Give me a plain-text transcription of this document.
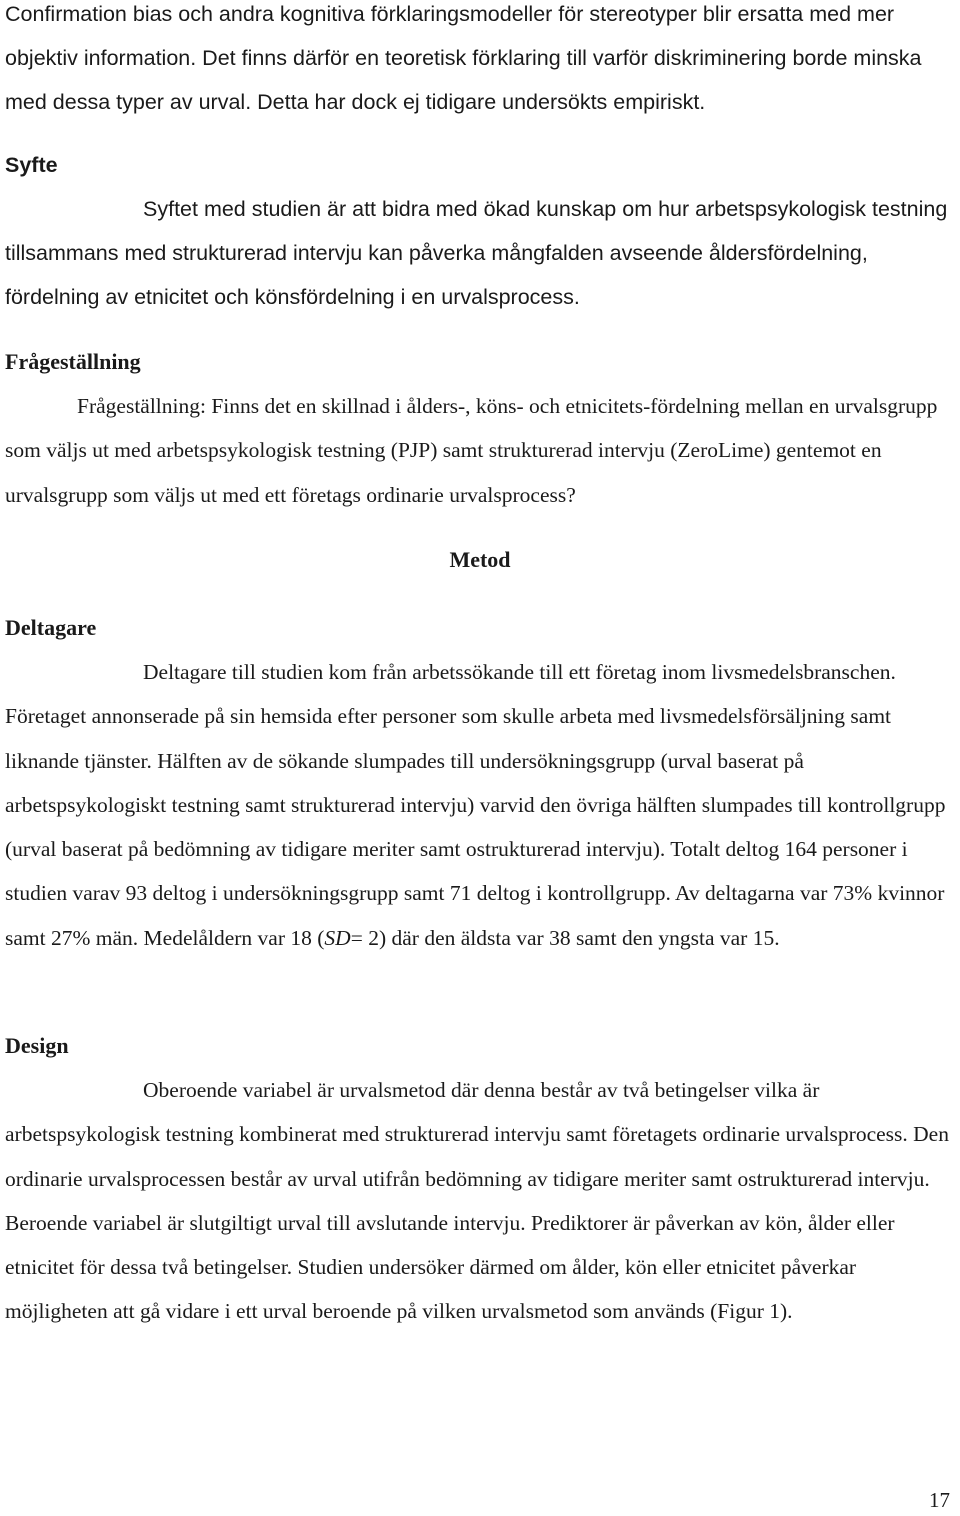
Confirmation bias och andra kognitiva förklaringsmodeller för stereotyper blir ersatta med mer objektiv information. Det finns därför en teoretisk förklaring till varför diskriminering borde minska med dessa typer av urval. Detta har dock ej tidigare undersökts empiriskt.

Syfte

Syftet med studien är att bidra med ökad kunskap om hur arbetspsykologisk testning tillsammans med strukturerad intervju kan påverka mångfalden avseende åldersfördelning, fördelning av etnicitet och könsfördelning i en urvalsprocess.

Frågeställning

Frågeställning: Finns det en skillnad i ålders-, köns- och etnicitets-fördelning mellan en urvalsgrupp som väljs ut med arbetspsykologisk testning (PJP) samt strukturerad intervju (ZeroLime) gentemot en urvalsgrupp som väljs ut med ett företags ordinarie urvalsprocess?

Metod
Deltagare

Deltagare till studien kom från arbetssökande till ett företag inom livsmedelsbranschen. Företaget annonserade på sin hemsida efter personer som skulle arbeta med livsmedelsförsäljning samt liknande tjänster. Hälften av de sökande slumpades till undersökningsgrupp (urval baserat på arbetspsykologiskt testning samt strukturerad intervju) varvid den övriga hälften slumpades till kontrollgrupp (urval baserat på bedömning av tidigare meriter samt ostrukturerad intervju). Totalt deltog 164 personer i studien varav 93 deltog i undersökningsgrupp samt 71 deltog i kontrollgrupp. Av deltagarna var 73% kvinnor samt 27% män. Medelåldern var 18 (SD= 2) där den äldsta var 38 samt den yngsta var 15.

Design

Oberoende variabel är urvalsmetod där denna består av två betingelser vilka är arbetspsykologisk testning kombinerat med strukturerad intervju samt företagets ordinarie urvalsprocess. Den ordinarie urvalsprocessen består av urval utifrån bedömning av tidigare meriter samt ostrukturerad intervju. Beroende variabel är slutgiltigt urval till avslutande intervju. Prediktorer är påverkan av kön, ålder eller etnicitet för dessa två betingelser. Studien undersöker därmed om ålder, kön eller etnicitet påverkar möjligheten att gå vidare i ett urval beroende på vilken urvalsmetod som används (Figur 1).

17
